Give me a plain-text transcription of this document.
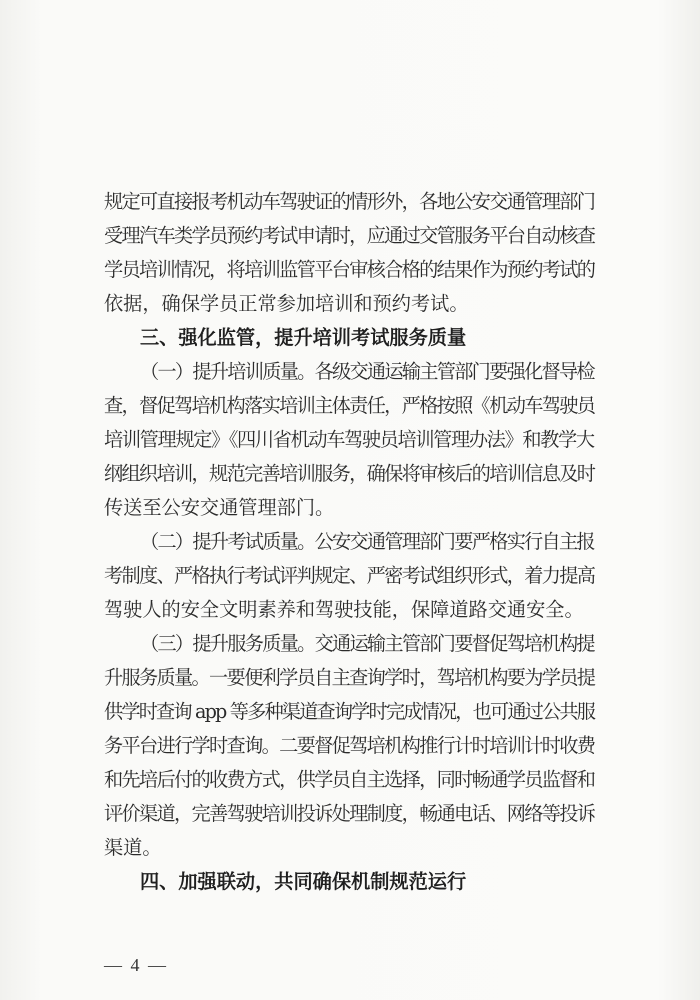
规定可直接报考机动车驾驶证的情形外，各地公安交通管理部门
受理汽车类学员预约考试申请时，应通过交管服务平台自动核查
学员培训情况，将培训监管平台审核合格的结果作为预约考试的
依据，确保学员正常参加培训和预约考试。
三、强化监管，提升培训考试服务质量
（一）提升培训质量。各级交通运输主管部门要强化督导检
查，督促驾培机构落实培训主体责任，严格按照《机动车驾驶员
培训管理规定》《四川省机动车驾驶员培训管理办法》和教学大
纲组织培训，规范完善培训服务，确保将审核后的培训信息及时
传送至公安交通管理部门。
（二）提升考试质量。公安交通管理部门要严格实行自主报
考制度、严格执行考试评判规定、严密考试组织形式，着力提高
驾驶人的安全文明素养和驾驶技能，保障道路交通安全。
（三）提升服务质量。交通运输主管部门要督促驾培机构提
升服务质量。一要便利学员自主查询学时，驾培机构要为学员提
供学时查询 app 等多种渠道查询学时完成情况，也可通过公共服
务平台进行学时查询。二要督促驾培机构推行计时培训计时收费
和先培后付的收费方式，供学员自主选择，同时畅通学员监督和
评价渠道，完善驾驶培训投诉处理制度，畅通电话、网络等投诉
渠道。
四、加强联动，共同确保机制规范运行
— 4 —
